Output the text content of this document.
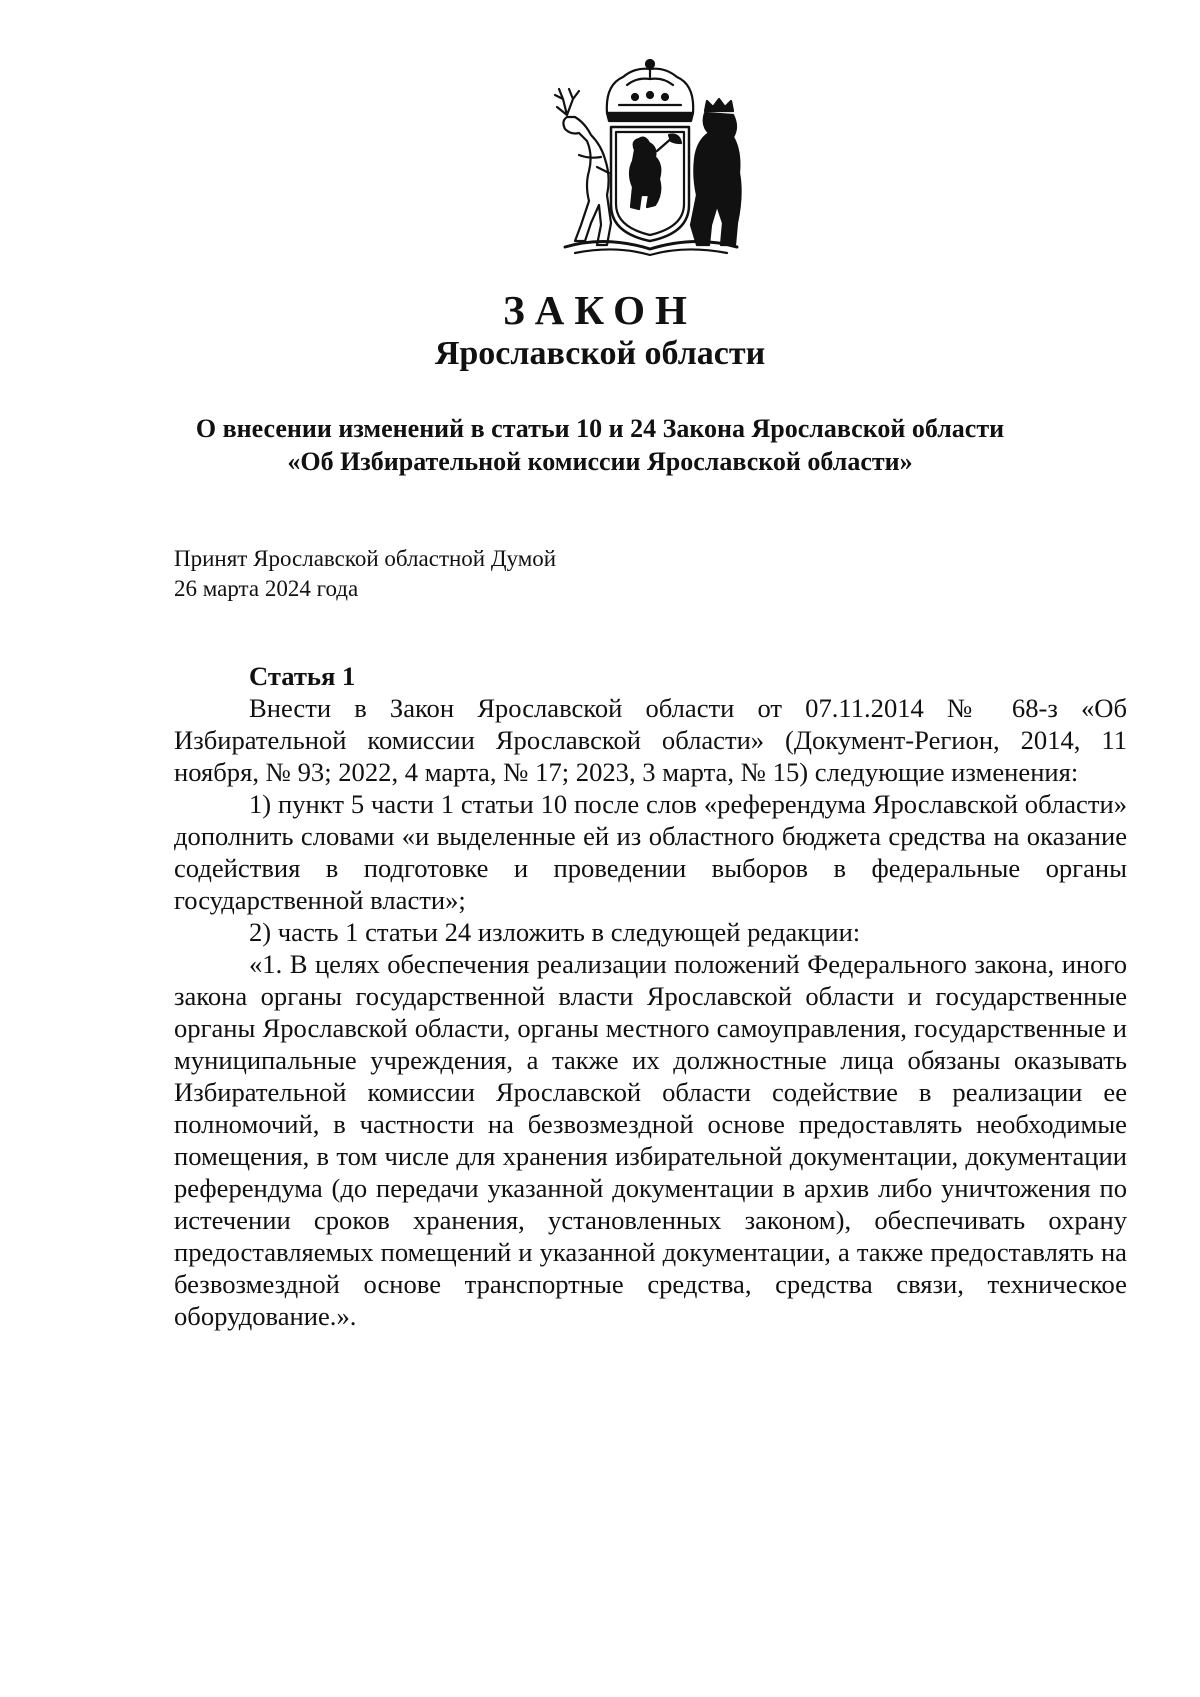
ЗАКОН
Ярославской области
О внесении изменений в статьи 10 и 24 Закона Ярославской области
«Об Избирательной комиссии Ярославской области»
Принят Ярославской областной Думой
26 марта 2024 года
Статья 1

Внести в Закон Ярославской области от 07.11.2014 № 68-з «Об Избирательной комиссии Ярославской области» (Документ-Регион, 2014, 11 ноября, № 93; 2022, 4 марта, № 17; 2023, 3 марта, № 15) следующие изменения:

1) пункт 5 части 1 статьи 10 после слов «референдума Ярославской области» дополнить словами «и выделенные ей из областного бюджета средства на оказание содействия в подготовке и проведении выборов в федеральные органы государственной власти»;

2) часть 1 статьи 24 изложить в следующей редакции:

«1. В целях обеспечения реализации положений Федерального закона, иного закона органы государственной власти Ярославской области и государственные органы Ярославской области, органы местного самоуправления, государственные и муниципальные учреждения, а также их должностные лица обязаны оказывать Избирательной комиссии Ярославской области содействие в реализации ее полномочий, в частности на безвозмездной основе предоставлять необходимые помещения, в том числе для хранения избирательной документации, документации референдума (до передачи указанной документации в архив либо уничтожения по истечении сроков хранения, установленных законом), обеспечивать охрану предоставляемых помещений и указанной документации, а также предоставлять на безвозмездной основе транспортные средства, средства связи, техническое оборудование.».
